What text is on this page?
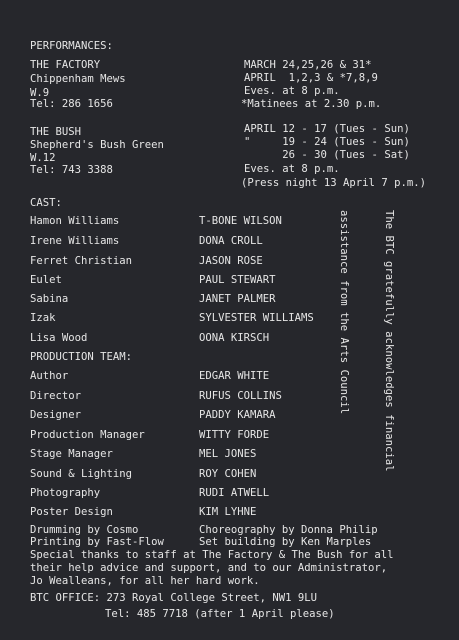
PERFORMANCES:
THE FACTORY
Chippenham Mews
W.9
Tel: 286 1656
MARCH 24,25,26 & 31*
APRIL  1,2,3 & *7,8,9
Eves. at 8 p.m.
*Matinees at 2.30 p.m.
THE BUSH
Shepherd's Bush Green
W.12
Tel: 743 3388
APRIL 12 - 17 (Tues - Sun)
"     19 - 24 (Tues - Sun)
26 - 30 (Tues - Sat)
Eves. at 8 p.m.
(Press night 13 April 7 p.m.)
CAST:
Hamon Williams	T-BONE WILSON
Irene Williams	DONA CROLL
Ferret Christian	JASON ROSE
Eulet	PAUL STEWART
Sabina	JANET PALMER
Izak	SYLVESTER WILLIAMS
Lisa Wood	OONA KIRSCH
PRODUCTION TEAM:
Author	EDGAR WHITE
Director	RUFUS COLLINS
Designer	PADDY KAMARA
Production Manager	WITTY FORDE
Stage Manager	MEL JONES
Sound & Lighting	ROY COHEN
Photography	RUDI ATWELL
Poster Design	KIM LYHNE
Drumming by Cosmo	Choreography by Donna Philip
Printing by Fast-Flow	Set building by Ken Marples
Special thanks to staff at The Factory & The Bush for all
their help advice and support, and to our Administrator,
Jo Wealleans, for all her hard work.
BTC OFFICE: 273 Royal College Street, NW1 9LU
Tel: 485 7718 (after 1 April please)

The BTC gratefully acknowledges financial

assistance from the Arts Council
